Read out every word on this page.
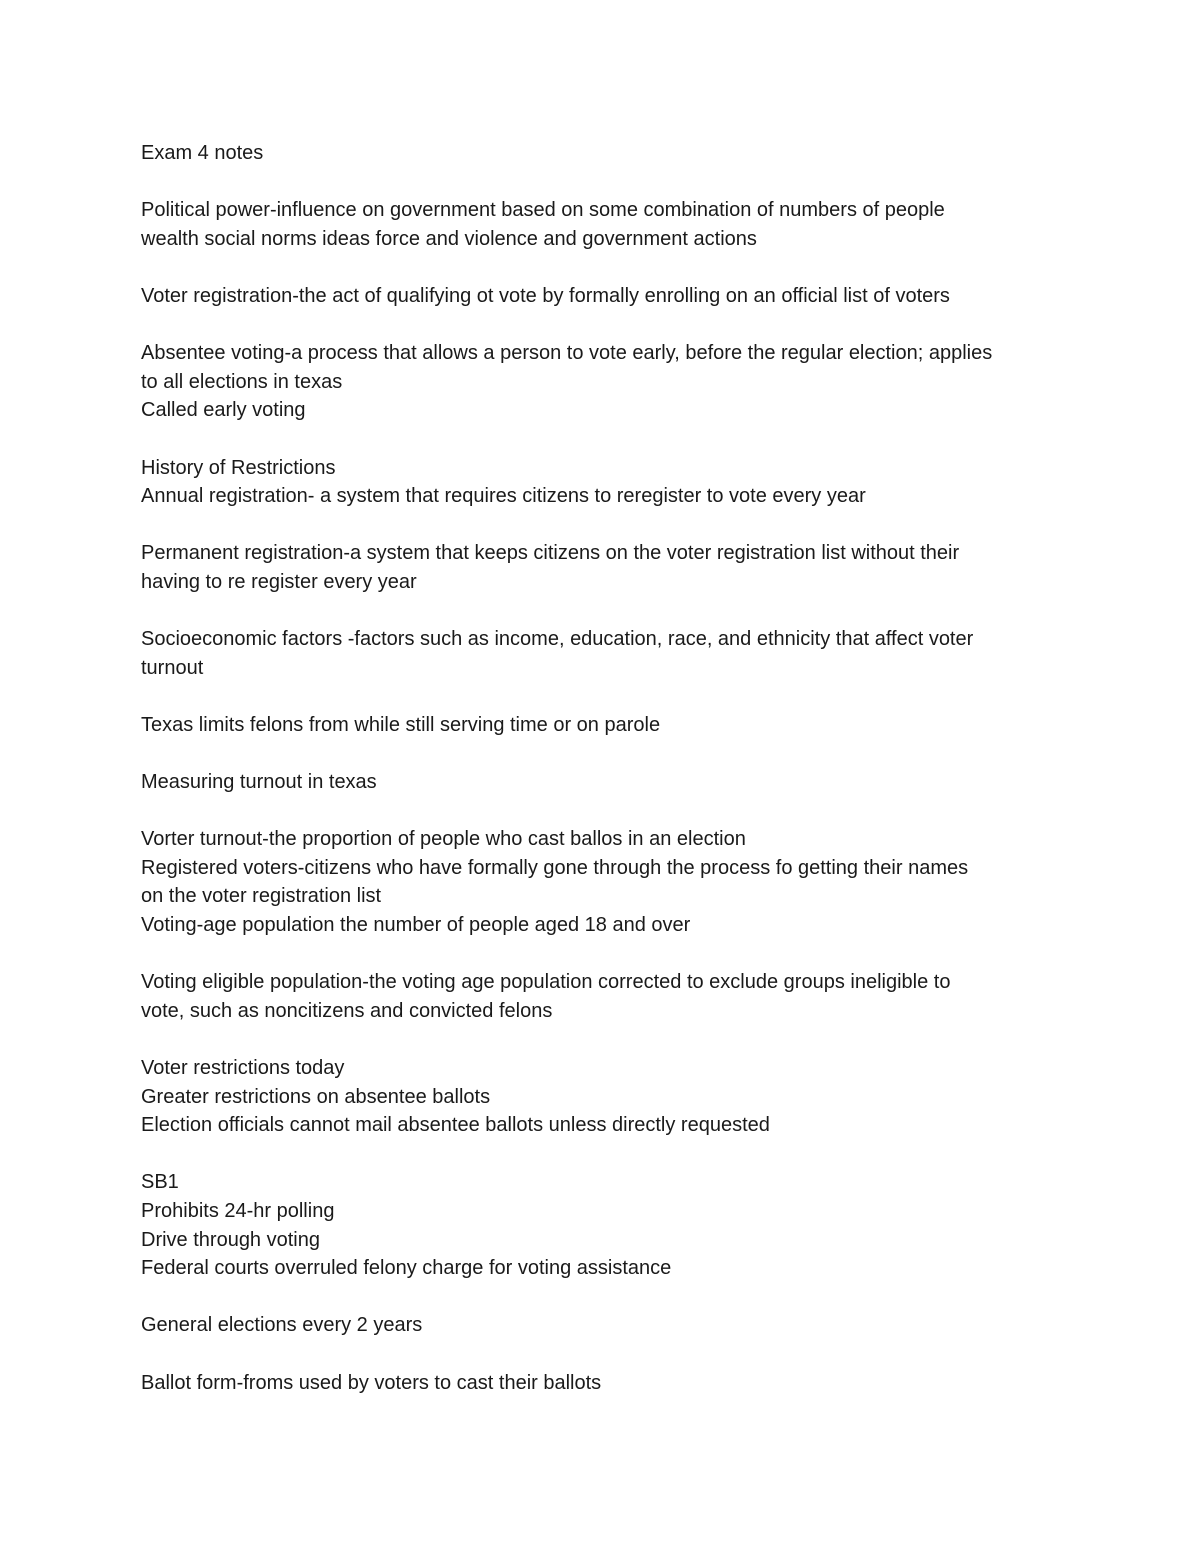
Exam 4 notes
Political power-influence on government based on some combination of numbers of people
wealth social norms ideas force and violence and government actions
Voter registration-the act of qualifying ot vote by formally enrolling on an official list of voters
Absentee voting-a process that allows a person to vote early, before the regular election; applies
to all elections in texas
Called early voting
History of Restrictions
Annual registration- a system that requires citizens to reregister to vote every year
Permanent registration-a system that keeps citizens on the voter registration list without their
having to re register every year
Socioeconomic factors -factors such as income, education, race, and ethnicity that affect voter
turnout
Texas limits felons from while still serving time or on parole
Measuring turnout in texas
Vorter turnout-the proportion of people who cast ballos in an election
Registered voters-citizens who have formally gone through the process fo getting their names
on the voter registration list
Voting-age population the number of people aged 18 and over
Voting eligible population-the voting age population corrected to exclude groups ineligible to
vote, such as noncitizens and convicted felons
Voter restrictions today
Greater restrictions on absentee ballots
Election officials cannot mail absentee ballots unless directly requested
SB1
Prohibits 24-hr polling
Drive through voting
Federal courts overruled felony charge for voting assistance
General elections every 2 years
Ballot form-froms used by voters to cast their ballots
